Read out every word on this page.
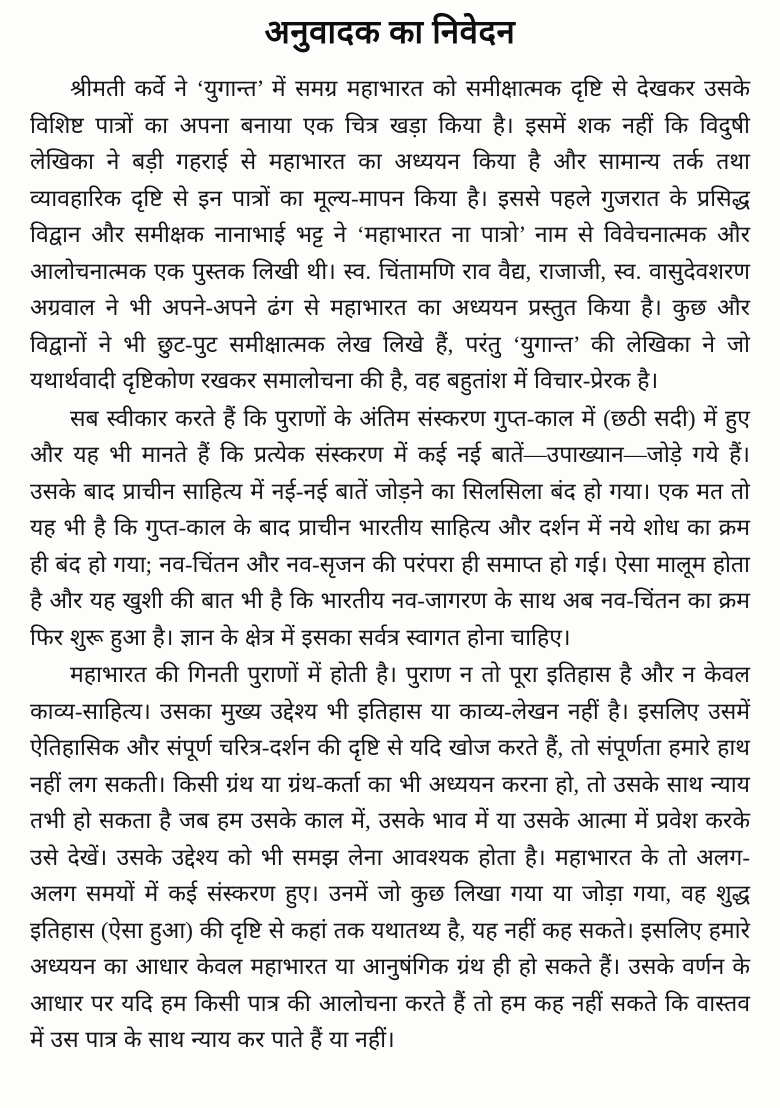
अनुवादक का निवेदन

श्रीमती कर्वे ने ‘युगान्त’ में समग्र महाभारत को समीक्षात्मक दृष्टि से देखकर उसके विशिष्ट पात्रों का अपना बनाया एक चित्र खड़ा किया है। इसमें शक नहीं कि विदुषी लेखिका ने बड़ी गहराई से महाभारत का अध्ययन किया है और सामान्य तर्क तथा व्यावहारिक दृष्टि से इन पात्रों का मूल्य-मापन किया है। इससे पहले गुजरात के प्रसिद्ध विद्वान और समीक्षक नानाभाई भट्ट ने ‘महाभारत ना पात्रो’ नाम से विवेचनात्मक और आलोचनात्मक एक पुस्तक लिखी थी। स्व. चिंतामणि राव वैद्य, राजाजी, स्व. वासुदेवशरण अग्रवाल ने भी अपने-अपने ढंग से महाभारत का अध्ययन प्रस्तुत किया है। कुछ और विद्वानों ने भी छुट-पुट समीक्षात्मक लेख लिखे हैं, परंतु ‘युगान्त’ की लेखिका ने जो यथार्थवादी दृष्टिकोण रखकर समालोचना की है, वह बहुतांश में विचार-प्रेरक है।

सब स्वीकार करते हैं कि पुराणों के अंतिम संस्करण गुप्त-काल में (छठी सदी) में हुए और यह भी मानते हैं कि प्रत्येक संस्करण में कई नई बातें—उपाख्यान—जोड़े गये हैं। उसके बाद प्राचीन साहित्य में नई-नई बातें जोड़ने का सिलसिला बंद हो गया। एक मत तो यह भी है कि गुप्त-काल के बाद प्राचीन भारतीय साहित्य और दर्शन में नये शोध का क्रम ही बंद हो गया; नव-चिंतन और नव-सृजन की परंपरा ही समाप्त हो गई। ऐसा मालूम होता है और यह खुशी की बात भी है कि भारतीय नव-जागरण के साथ अब नव-चिंतन का क्रम फिर शुरू हुआ है। ज्ञान के क्षेत्र में इसका सर्वत्र स्वागत होना चाहिए।

महाभारत की गिनती पुराणों में होती है। पुराण न तो पूरा इतिहास है और न केवल काव्य-साहित्य। उसका मुख्य उद्देश्य भी इतिहास या काव्य-लेखन नहीं है। इसलिए उसमें ऐतिहासिक और संपूर्ण चरित्र-दर्शन की दृष्टि से यदि खोज करते हैं, तो संपूर्णता हमारे हाथ नहीं लग सकती। किसी ग्रंथ या ग्रंथ-कर्ता का भी अध्ययन करना हो, तो उसके साथ न्याय तभी हो सकता है जब हम उसके काल में, उसके भाव में या उसके आत्मा में प्रवेश करके उसे देखें। उसके उद्देश्य को भी समझ लेना आवश्यक होता है। महाभारत के तो अलग-अलग समयों में कई संस्करण हुए। उनमें जो कुछ लिखा गया या जोड़ा गया, वह शुद्ध इतिहास (ऐसा हुआ) की दृष्टि से कहां तक यथातथ्य है, यह नहीं कह सकते। इसलिए हमारे अध्ययन का आधार केवल महाभारत या आनुषंगिक ग्रंथ ही हो सकते हैं। उसके वर्णन के आधार पर यदि हम किसी पात्र की आलोचना करते हैं तो हम कह नहीं सकते कि वास्तव में उस पात्र के साथ न्याय कर पाते हैं या नहीं।
